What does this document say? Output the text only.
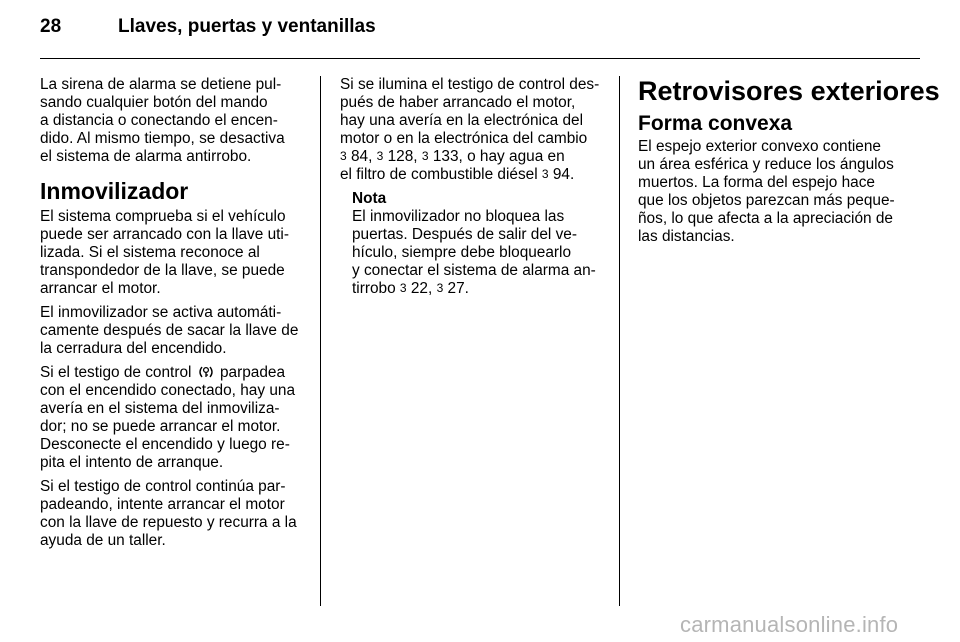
28	Llaves, puertas y ventanillas
La sirena de alarma se detiene pul-
sando cualquier botón del mando
a distancia o conectando el encen-
dido. Al mismo tiempo, se desactiva
el sistema de alarma antirrobo.
Inmovilizador
El sistema comprueba si el vehículo
puede ser arrancado con la llave uti-
lizada. Si el sistema reconoce al
transpondedor de la llave, se puede
arrancar el motor.
El inmovilizador se activa automáti-
camente después de sacar la llave de
la cerradura del encendido.
Si el testigo de control parpadea
con el encendido conectado, hay una
avería en el sistema del inmoviliza-
dor; no se puede arrancar el motor.
Desconecte el encendido y luego re-
pita el intento de arranque.
Si el testigo de control continúa par-
padeando, intente arrancar el motor
con la llave de repuesto y recurra a la
ayuda de un taller.
Si se ilumina el testigo de control des-
pués de haber arrancado el motor,
hay una avería en la electrónica del
motor o en la electrónica del cambio
3 84, 3 128, 3 133, o hay agua en
el filtro de combustible diésel 3 94.
Nota
El inmovilizador no bloquea las
puertas. Después de salir del ve-
hículo, siempre debe bloquearlo
y conectar el sistema de alarma an-
tirrobo 3 22, 3 27.
Retrovisores exteriores
Forma convexa
El espejo exterior convexo contiene
un área esférica y reduce los ángulos
muertos. La forma del espejo hace
que los objetos parezcan más peque-
ños, lo que afecta a la apreciación de
las distancias.
carmanualsonline.info
